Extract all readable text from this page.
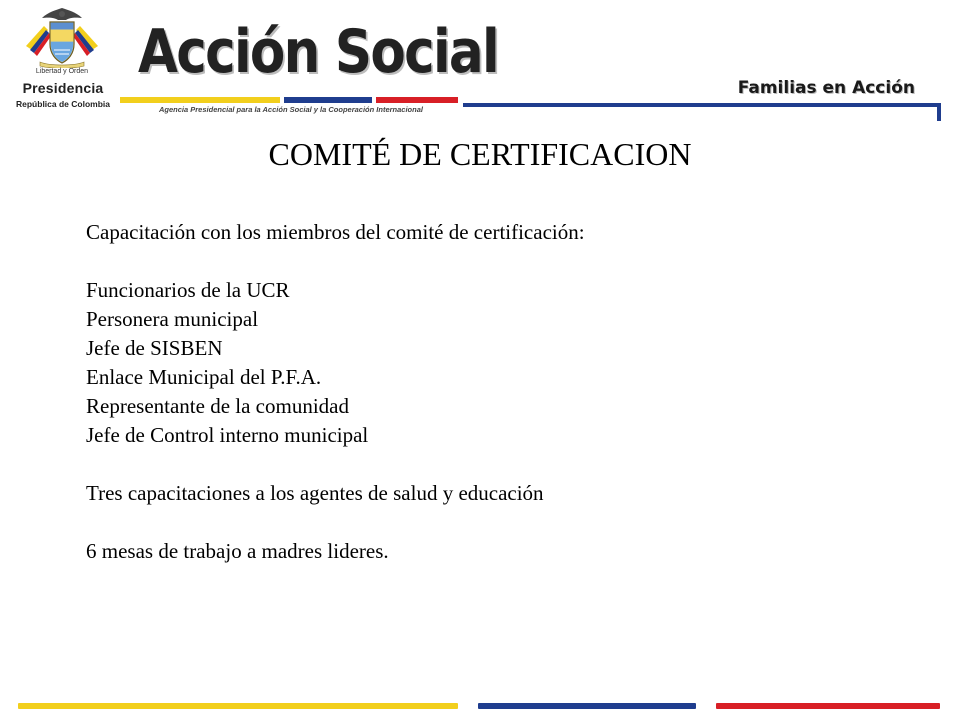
Libertad y Orden
Presidencia
República de Colombia
Acción Social
Agencia Presidencial para la Acción Social y la Cooperación Internacional
Familias en Acción
COMITÉ DE CERTIFICACION

Capacitación con los miembros del comité de certificación:

Funcionarios de la UCR

Personera municipal

Jefe de SISBEN

Enlace Municipal del P.F.A.

Representante de la comunidad

Jefe de Control interno municipal

Tres capacitaciones a los agentes de salud y educación

6 mesas de trabajo a madres lideres.
